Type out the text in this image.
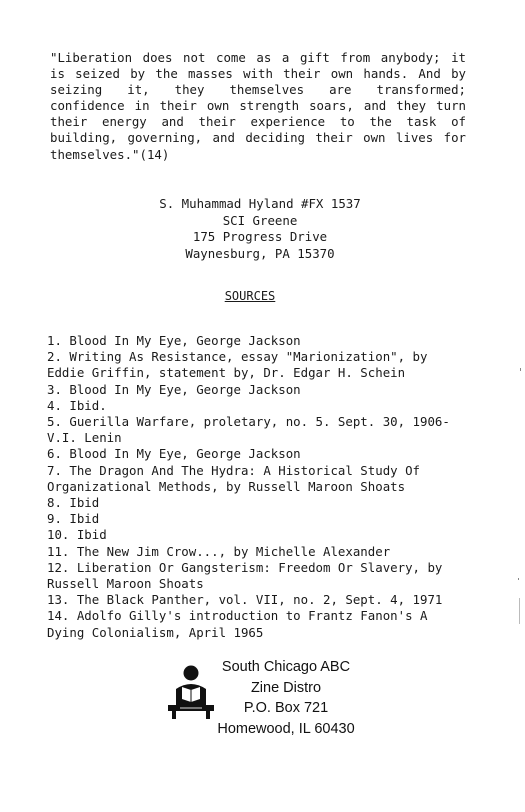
"Liberation does not come as a gift from anybody; it
is seized by the masses with their own hands. And by
seizing it, they themselves are transformed;
confidence in their own strength soars, and they turn
their energy and their experience to the task of
building, governing, and deciding their own lives for
themselves."(14)
S. Muhammad Hyland #FX 1537
SCI Greene
175 Progress Drive
Waynesburg, PA 15370
SOURCES
1. Blood In My Eye, George Jackson
2. Writing As Resistance, essay "Marionization", by
Eddie Griffin, statement by, Dr. Edgar H. Schein
3. Blood In My Eye, George Jackson
4. Ibid.
5. Guerilla Warfare, proletary, no. 5. Sept. 30, 1906-
V.I. Lenin
6. Blood In My Eye, George Jackson
7. The Dragon And The Hydra: A Historical Study Of
Organizational Methods, by Russell Maroon Shoats
8. Ibid
9. Ibid
10. Ibid
11. The New Jim Crow..., by Michelle Alexander
12. Liberation Or Gangsterism: Freedom Or Slavery, by
Russell Maroon Shoats
13. The Black Panther, vol. VII, no. 2, Sept. 4, 1971
14. Adolfo Gilly's introduction to Frantz Fanon's A
Dying Colonialism, April 1965
South Chicago ABC
Zine Distro
P.O. Box 721
Homewood, IL 60430
